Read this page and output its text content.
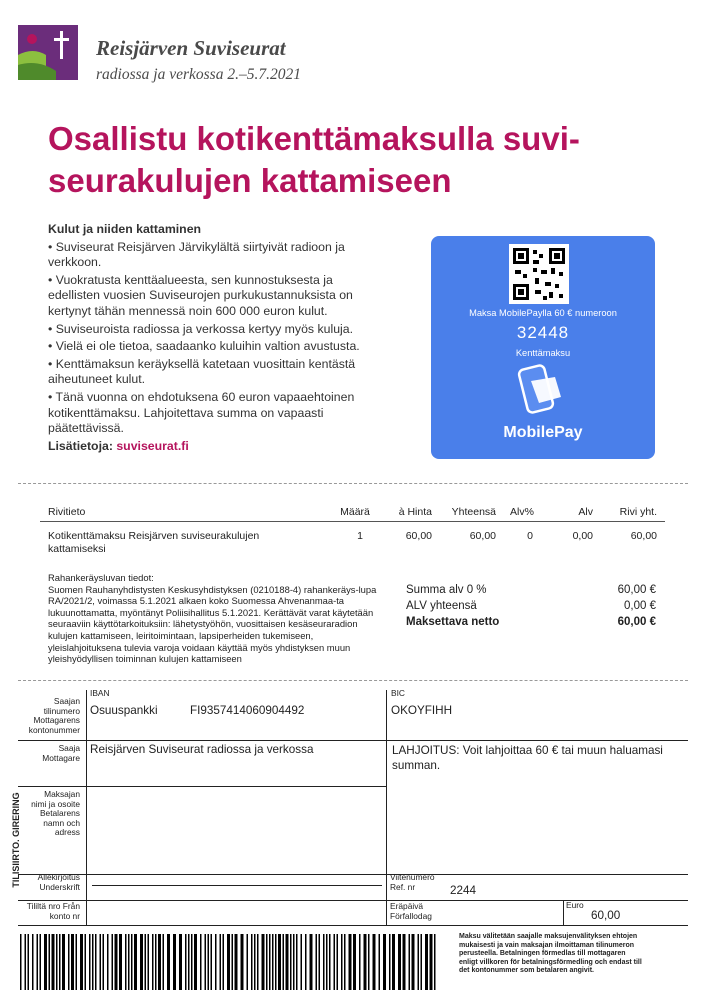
Reisjärven Suviseurat
radiossa ja verkossa 2.–5.7.2021
Osallistu kotikenttämaksulla suvi-
seurakulujen kattamiseen
Kulut ja niiden kattaminen
• Suviseurat Reisjärven Järvikylältä siirtyivät radioon ja verkkoon.
• Vuokratusta kenttäalueesta, sen kunnostuksesta ja edellisten vuosien Suviseurojen purkukustannuksista on kertynyt tähän mennessä noin 600 000 euron kulut.
• Suviseuroista radiossa ja verkossa kertyy myös kuluja.
• Vielä ei ole tietoa, saadaanko kuluihin valtion avustusta.
• Kenttämaksun keräyksellä katetaan vuosittain kentästä aiheutuneet kulut.
• Tänä vuonna on ehdotuksena 60 euron vapaaehtoinen kotikenttämaksu. Lahjoitettava summa on vapaasti päätettävissä.
Lisätietoja: suviseurat.fi
Maksa MobilePaylla 60 € numeroon
32448
Kenttämaksu
MobilePay
Rivitieto	Määrä	à Hinta	Yhteensä	Alv%	Alv	Rivi yht.
Kotikenttämaksu Reisjärven suviseurakulujen
kattamiseksi
1	60,00	60,00	0	0,00	60,00
Rahankeräysluvan tiedot:
Suomen Rauhanyhdistysten Keskusyhdistyksen (0210188-4) rahankeräys-lupa RA/2021/2, voimassa 5.1.2021 alkaen koko Suomessa Ahvenanmaa-ta lukuunottamatta, myöntänyt Poliisihallitus 5.1.2021. Kerättävät varat käytetään seuraaviin käyttötarkoituksiin: lähetystyöhön, vuosittaisen kesäseuraradion kulujen kattamiseen, leiritoimintaan, lapsiperheiden tukemiseen, yleislahjoituksena tulevia varoja voidaan käyttää myös yhdistyksen muun yleishyödyllisen toiminnan kulujen kattamiseen
Summa alv 0 %	60,00 €
ALV yhteensä	0,00 €
Maksettava netto	60,00 €
TILISIIRTO. GIRERING
Saajan tilinumero Mottagarens kontonummer
IBAN
Osuuspankki	FI9357414060904492
BIC
OKOYFIHH
Saaja Mottagare
Reisjärven Suviseurat radiossa ja verkossa	LAHJOITUS: Voit lahjoittaa 60 € tai muun haluamasi summan.
Maksajan nimi ja osoite Betalarens namn och adress
Allekirjoitus Underskrift
Viitenumero Ref. nr	2244
Tililtä nro Från konto nr
Eräpäivä Förfallodag
Euro
60,00
Maksu välitetään saajalle maksujenvälityksen ehtojen mukaisesti ja vain maksajan ilmoittaman tilinumeron perusteella. Betalningen förmedlas till mottagaren enligt villkoren för betalningsförmedling och endast till det kontonummer som betalaren angivit.
